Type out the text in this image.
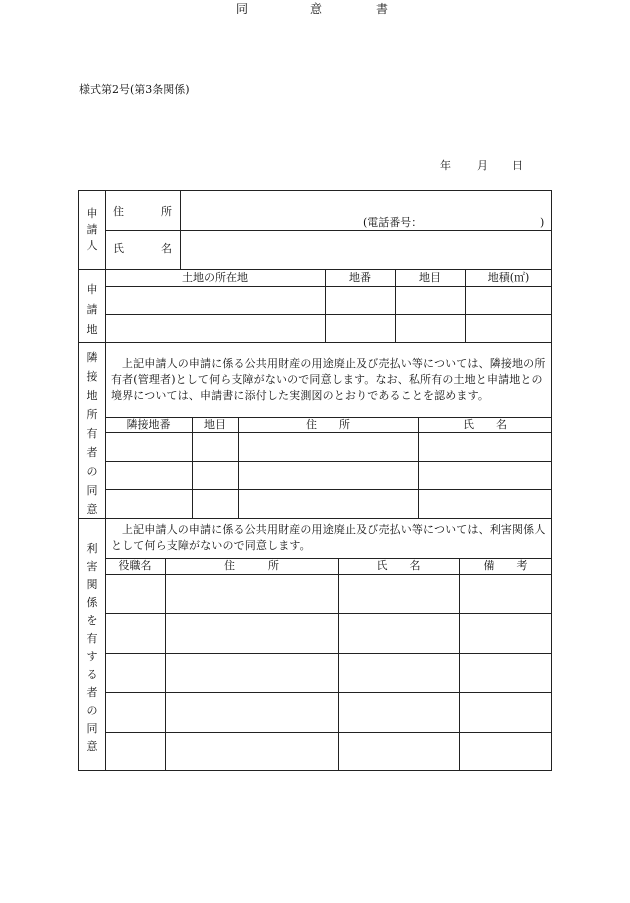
様式第2号(第3条関係)
同	意	書
年 月 日
申
請
人
住	所
(電話番号：	)
氏	名
申
請
地
土地の所在地	地番	地目	地積(㎡)
隣
接
地
所
有
者
の
同
意
上記申請人の申請に係る公共用財産の用途廃止及び売払い等については、隣接地の所有者(管理者)として何ら支障がないので同意します。なお、私所有の土地と申請地との境界については、申請書に添付した実測図のとおりであることを認めます。
隣接地番	地目	住　　所	氏　　名
利
害
関
係
を
有
す
る
者
の
同
意
上記申請人の申請に係る公共用財産の用途廃止及び売払い等については、利害関係人として何ら支障がないので同意します。
役職名	住　　　所	氏　　名	備　　考
